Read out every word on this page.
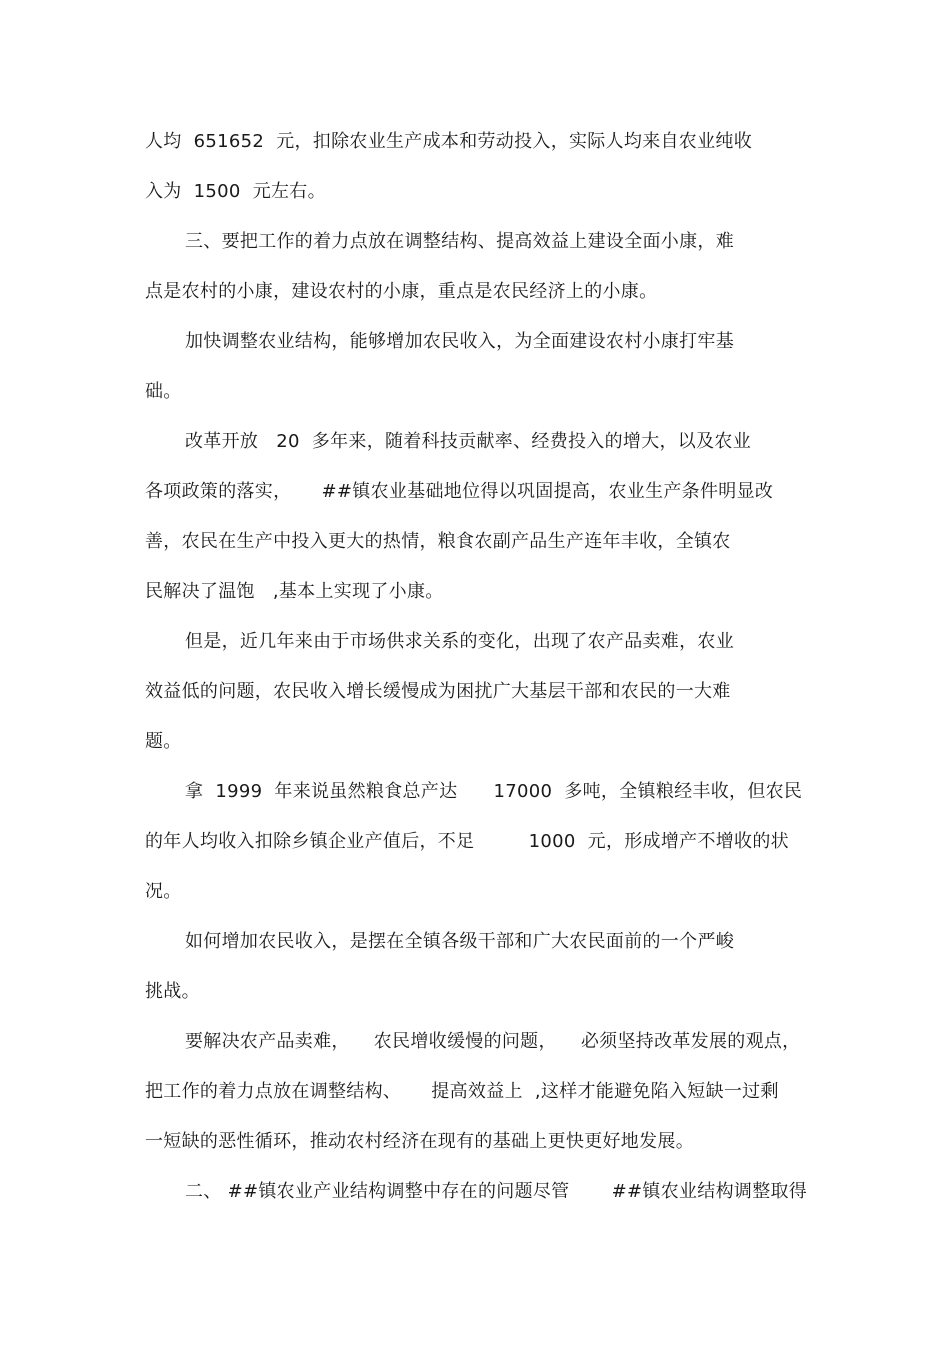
人均  651652  元，扣除农业生产成本和劳动投入，实际人均来自农业纯收
入为  1500  元左右。
三、要把工作的着力点放在调整结构、提高效益上建设全面小康，难
点是农村的小康，建设农村的小康，重点是农民经济上的小康。
加快调整农业结构，能够增加农民收入，为全面建设农村小康打牢基
础。
改革开放   20  多年来，随着科技贡献率、经费投入的增大，以及农业
各项政策的落实，     ##镇农业基础地位得以巩固提高，农业生产条件明显改
善，农民在生产中投入更大的热情，粮食农副产品生产连年丰收，全镇农
民解决了温饱   ,基本上实现了小康。
但是，近几年来由于市场供求关系的变化，出现了农产品卖难，农业
效益低的问题，农民收入增长缓慢成为困扰广大基层干部和农民的一大难
题。
拿  1999  年来说虽然粮食总产达      17000  多吨，全镇粮经丰收，但农民
的年人均收入扣除乡镇企业产值后，不足         1000  元，形成增产不增收的状
况。
如何增加农民收入，是摆在全镇各级干部和广大农民面前的一个严峻
挑战。
要解决农产品卖难，    农民增收缓慢的问题，    必须坚持改革发展的观点，
把工作的着力点放在调整结构、     提高效益上  ,这样才能避免陷入短缺一过剩
一短缺的恶性循环，推动农村经济在现有的基础上更快更好地发展。
二、 ##镇农业产业结构调整中存在的问题尽管       ##镇农业结构调整取得
